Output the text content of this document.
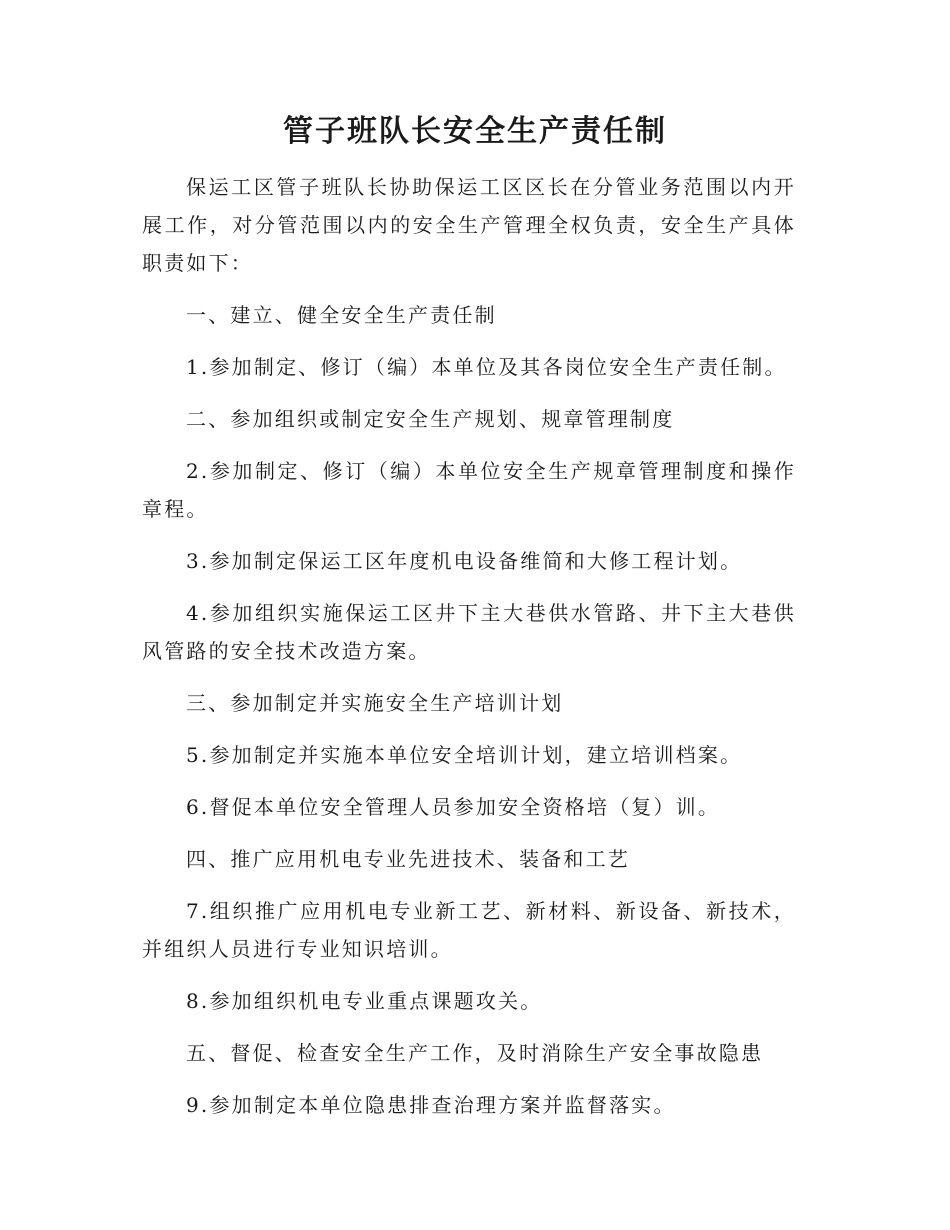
管子班队长安全生产责任制

保运工区管子班队长协助保运工区区长在分管业务范围以内开展工作，对分管范围以内的安全生产管理全权负责，安全生产具体职责如下：

一、建立、健全安全生产责任制

1.参加制定、修订（编）本单位及其各岗位安全生产责任制。

二、参加组织或制定安全生产规划、规章管理制度

2.参加制定、修订（编）本单位安全生产规章管理制度和操作章程。

3.参加制定保运工区年度机电设备维简和大修工程计划。

4.参加组织实施保运工区井下主大巷供水管路、井下主大巷供风管路的安全技术改造方案。

三、参加制定并实施安全生产培训计划

5.参加制定并实施本单位安全培训计划，建立培训档案。

6.督促本单位安全管理人员参加安全资格培（复）训。

四、推广应用机电专业先进技术、装备和工艺

7.组织推广应用机电专业新工艺、新材料、新设备、新技术，并组织人员进行专业知识培训。

8.参加组织机电专业重点课题攻关。

五、督促、检查安全生产工作，及时消除生产安全事故隐患

9.参加制定本单位隐患排查治理方案并监督落实。
